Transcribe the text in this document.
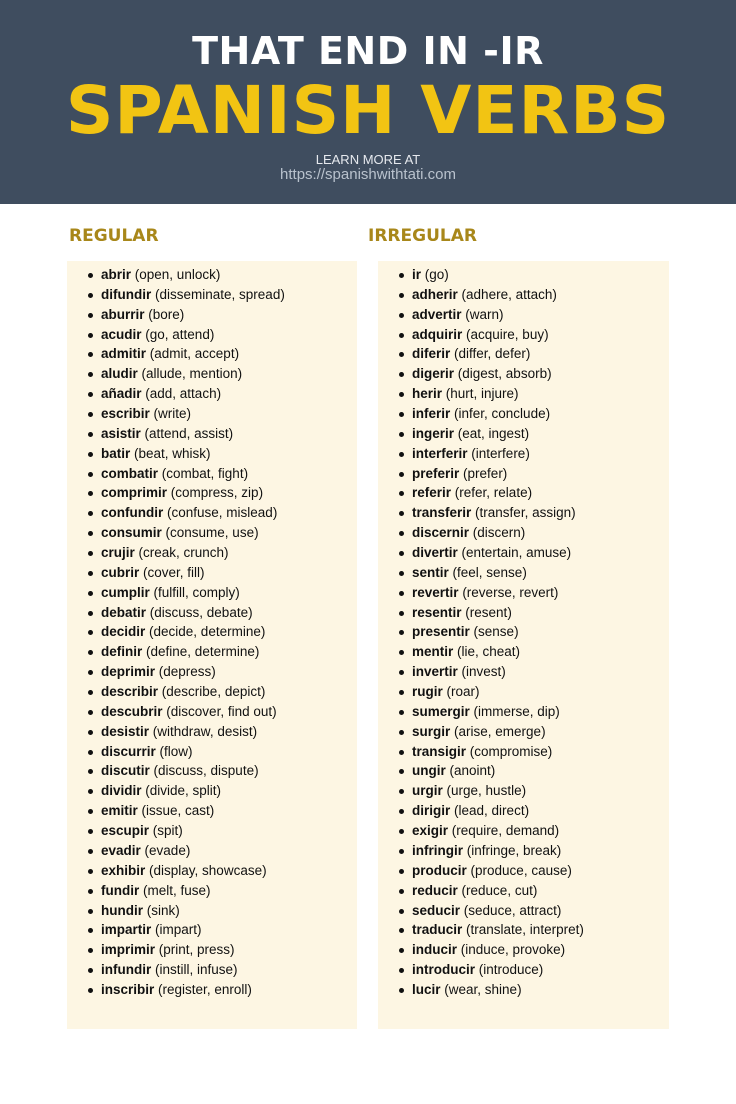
THAT END IN -IR
SPANISH VERBS
LEARN MORE AT
https://spanishwithtati.com
REGULAR	IRREGULAR
abrir (open, unlock)
difundir (disseminate, spread)
aburrir (bore)
acudir (go, attend)
admitir (admit, accept)
aludir (allude, mention)
añadir (add, attach)
escribir (write)
asistir (attend, assist)
batir (beat, whisk)
combatir (combat, fight)
comprimir (compress, zip)
confundir (confuse, mislead)
consumir (consume, use)
crujir (creak, crunch)
cubrir (cover, fill)
cumplir (fulfill, comply)
debatir (discuss, debate)
decidir (decide, determine)
definir (define, determine)
deprimir (depress)
describir (describe, depict)
descubrir (discover, find out)
desistir (withdraw, desist)
discurrir (flow)
discutir (discuss, dispute)
dividir (divide, split)
emitir (issue, cast)
escupir (spit)
evadir (evade)
exhibir (display, showcase)
fundir (melt, fuse)
hundir (sink)
impartir (impart)
imprimir (print, press)
infundir (instill, infuse)
inscribir (register, enroll)
ir (go)
adherir (adhere, attach)
advertir (warn)
adquirir (acquire, buy)
diferir (differ, defer)
digerir (digest, absorb)
herir (hurt, injure)
inferir (infer, conclude)
ingerir (eat, ingest)
interferir (interfere)
preferir (prefer)
referir (refer, relate)
transferir (transfer, assign)
discernir (discern)
divertir (entertain, amuse)
sentir (feel, sense)
revertir (reverse, revert)
resentir (resent)
presentir (sense)
mentir (lie, cheat)
invertir (invest)
rugir (roar)
sumergir (immerse, dip)
surgir (arise, emerge)
transigir (compromise)
ungir (anoint)
urgir (urge, hustle)
dirigir (lead, direct)
exigir (require, demand)
infringir (infringe, break)
producir (produce, cause)
reducir (reduce, cut)
seducir (seduce, attract)
traducir (translate, interpret)
inducir (induce, provoke)
introducir (introduce)
lucir (wear, shine)
